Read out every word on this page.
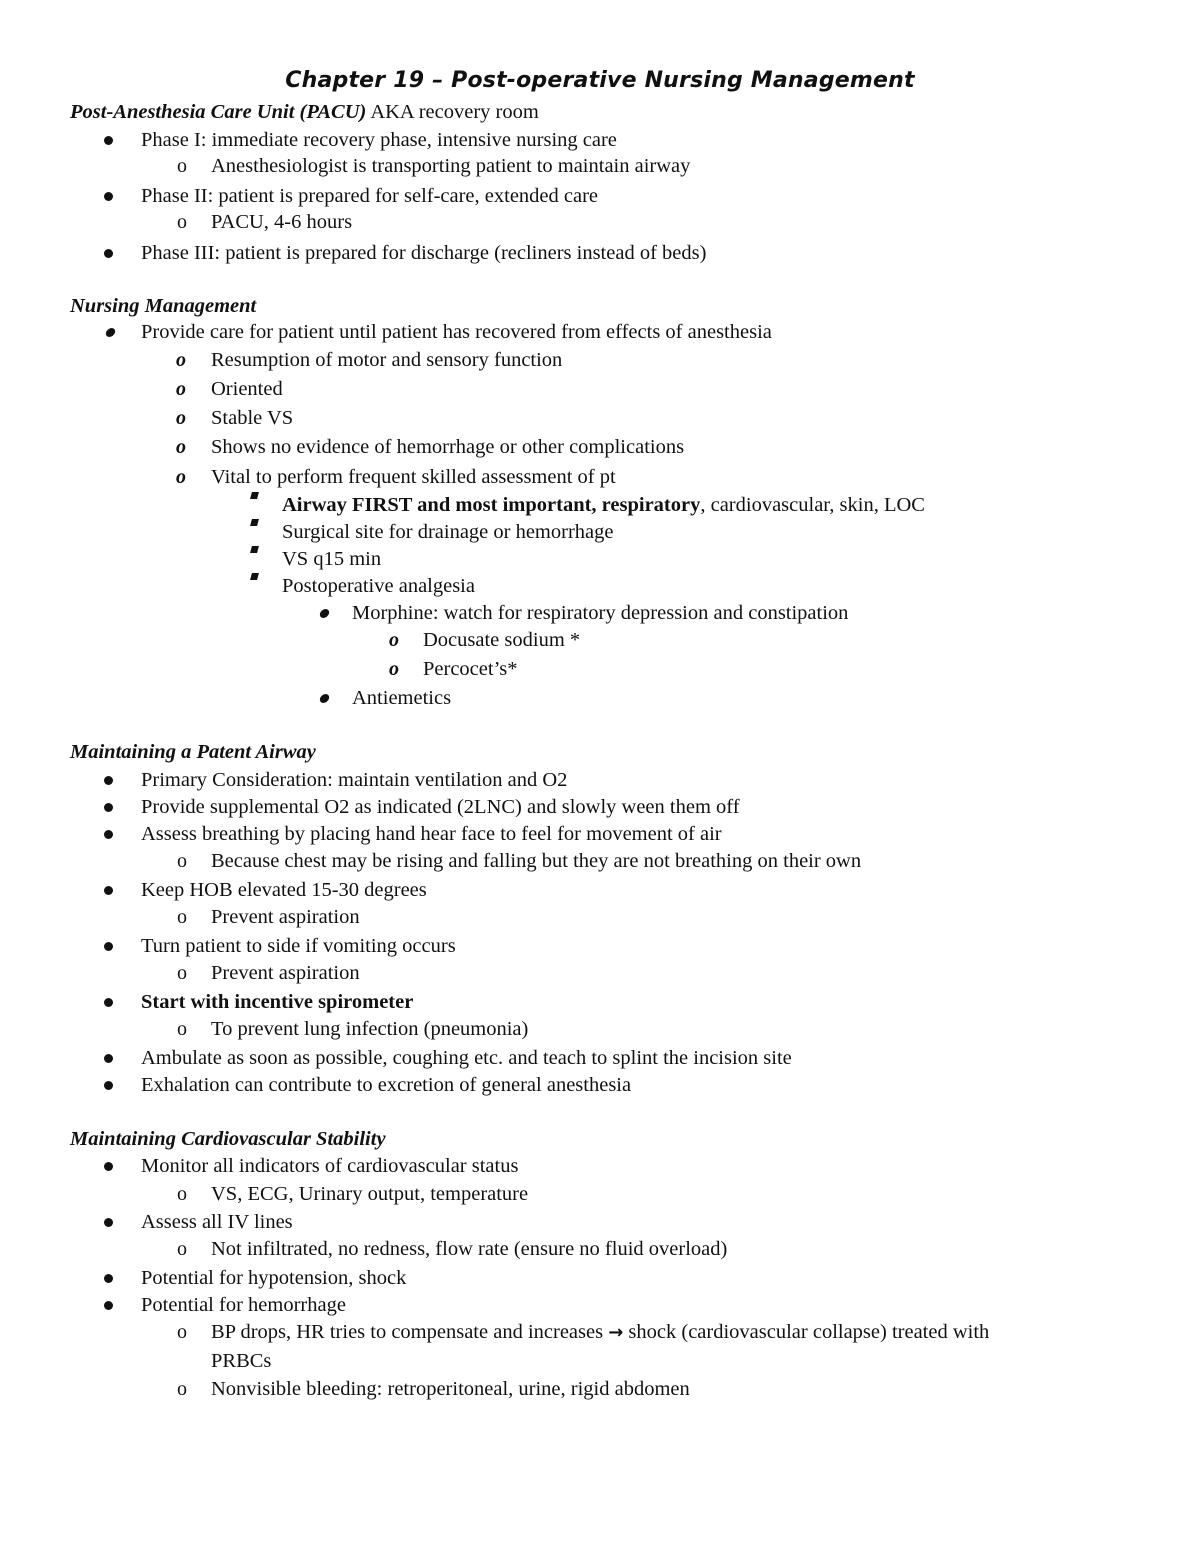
Chapter 19 – Post-operative Nursing Management
Post-Anesthesia Care Unit (PACU) AKA recovery room
Phase I: immediate recovery phase, intensive nursing care
o Anesthesiologist is transporting patient to maintain airway
Phase II: patient is prepared for self-care, extended care
o PACU, 4-6 hours
Phase III: patient is prepared for discharge (recliners instead of beds)
Nursing Management
Provide care for patient until patient has recovered from effects of anesthesia
o Resumption of motor and sensory function
o Oriented
o Stable VS
o Shows no evidence of hemorrhage or other complications
o Vital to perform frequent skilled assessment of pt
Airway FIRST and most important, respiratory, cardiovascular, skin, LOC
Surgical site for drainage or hemorrhage
VS q15 min
Postoperative analgesia
Morphine: watch for respiratory depression and constipation
o Docusate sodium *
o Percocet’s*
Antiemetics
Maintaining a Patent Airway
Primary Consideration: maintain ventilation and O2
Provide supplemental O2 as indicated (2LNC) and slowly ween them off
Assess breathing by placing hand hear face to feel for movement of air
o Because chest may be rising and falling but they are not breathing on their own
Keep HOB elevated 15-30 degrees
o Prevent aspiration
Turn patient to side if vomiting occurs
o Prevent aspiration
Start with incentive spirometer
o To prevent lung infection (pneumonia)
Ambulate as soon as possible, coughing etc. and teach to splint the incision site
Exhalation can contribute to excretion of general anesthesia
Maintaining Cardiovascular Stability
Monitor all indicators of cardiovascular status
o VS, ECG, Urinary output, temperature
Assess all IV lines
o Not infiltrated, no redness, flow rate (ensure no fluid overload)
Potential for hypotension, shock
Potential for hemorrhage
o BP drops, HR tries to compensate and increases → shock (cardiovascular collapse) treated with
PRBCs
o Nonvisible bleeding: retroperitoneal, urine, rigid abdomen
